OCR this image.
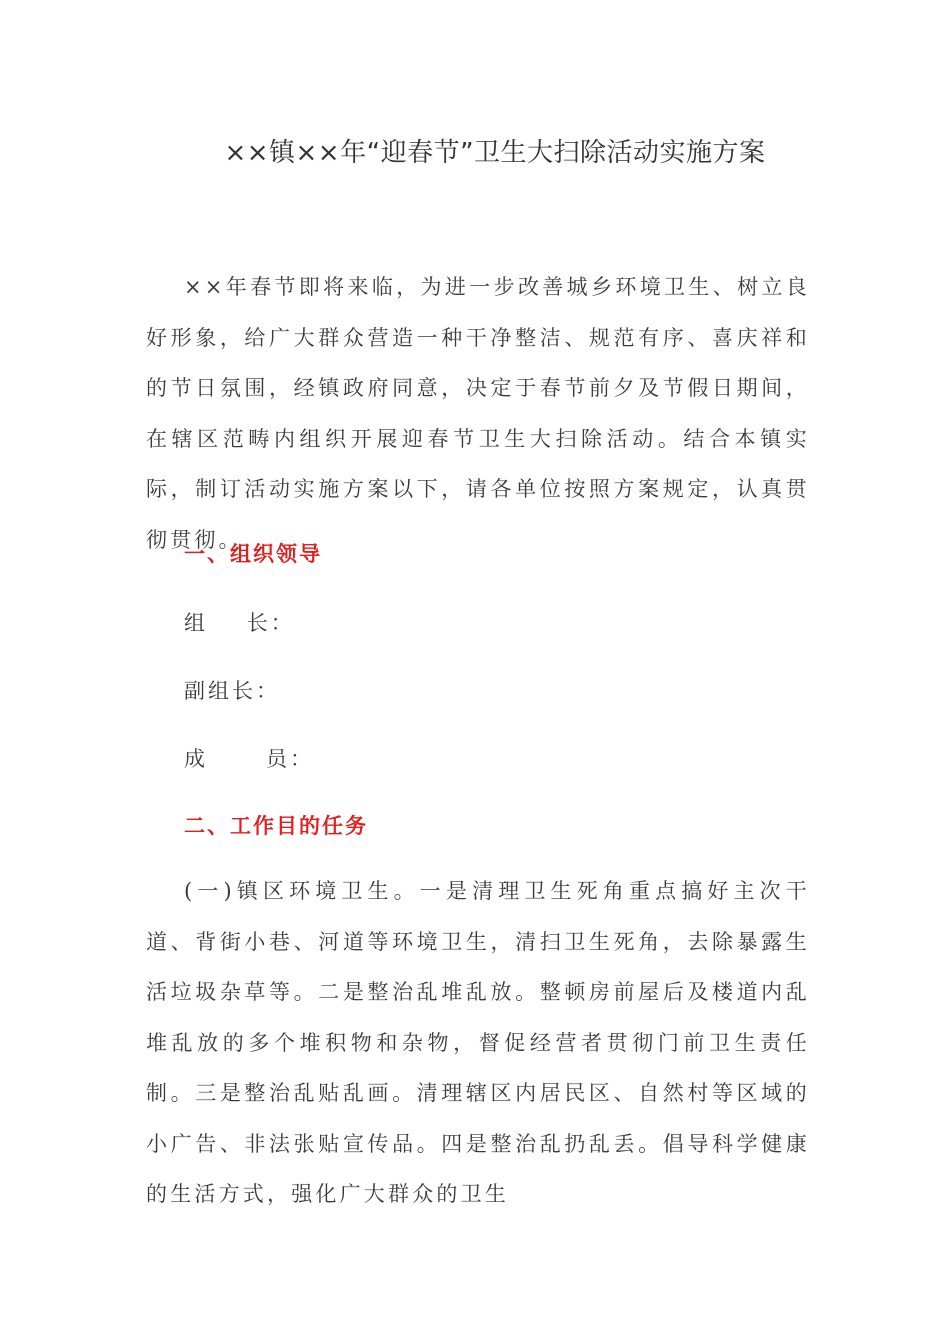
××镇××年“迎春节”卫生大扫除活动实施方案

××年春节即将来临，为进一步改善城乡环境卫生、树立良好形象，给广大群众营造一种干净整洁、规范有序、喜庆祥和的节日氛围，经镇政府同意，决定于春节前夕及节假日期间，在辖区范畴内组织开展迎春节卫生大扫除活动。结合本镇实际，制订活动实施方案以下，请各单位按照方案规定，认真贯彻贯彻。

一、组织领导

组    长：

副组长：

成      员：

二、工作目的任务

(一)镇区环境卫生。一是清理卫生死角重点搞好主次干道、背街小巷、河道等环境卫生，清扫卫生死角，去除暴露生活垃圾杂草等。二是整治乱堆乱放。整顿房前屋后及楼道内乱堆乱放的多个堆积物和杂物，督促经营者贯彻门前卫生责任制。三是整治乱贴乱画。清理辖区内居民区、自然村等区域的小广告、非法张贴宣传品。四是整治乱扔乱丢。倡导科学健康的生活方式，强化广大群众的卫生
